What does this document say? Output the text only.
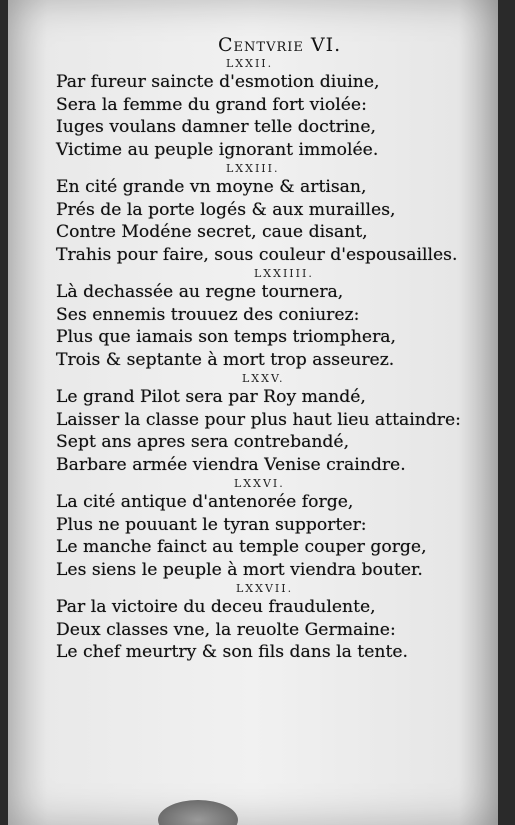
Centvrie VI.
LXXII.
Par fureur saincte d'esmotion diuine,
Sera la femme du grand fort violée:
Iuges voulans damner telle doctrine,
Victime au peuple ignorant immolée.
LXXIII.
En cité grande vn moyne & artisan,
Prés de la porte logés & aux murailles,
Contre Modéne secret, caue disant,
Trahis pour faire, sous couleur d'espousailles.
LXXIIII.
Là dechassée au regne tournera,
Ses ennemis trouuez des coniurez:
Plus que iamais son temps triomphera,
Trois & septante à mort trop asseurez.
LXXV.
Le grand Pilot sera par Roy mandé,
Laisser la classe pour plus haut lieu attaindre:
Sept ans apres sera contrebandé,
Barbare armée viendra Venise craindre.
LXXVI.
La cité antique d'antenorée forge,
Plus ne pouuant le tyran supporter:
Le manche fainct au temple couper gorge,
Les siens le peuple à mort viendra bouter.
LXXVII.
Par la victoire du deceu fraudulente,
Deux classes vne, la reuolte Germaine:
Le chef meurtry & son fils dans la tente.
